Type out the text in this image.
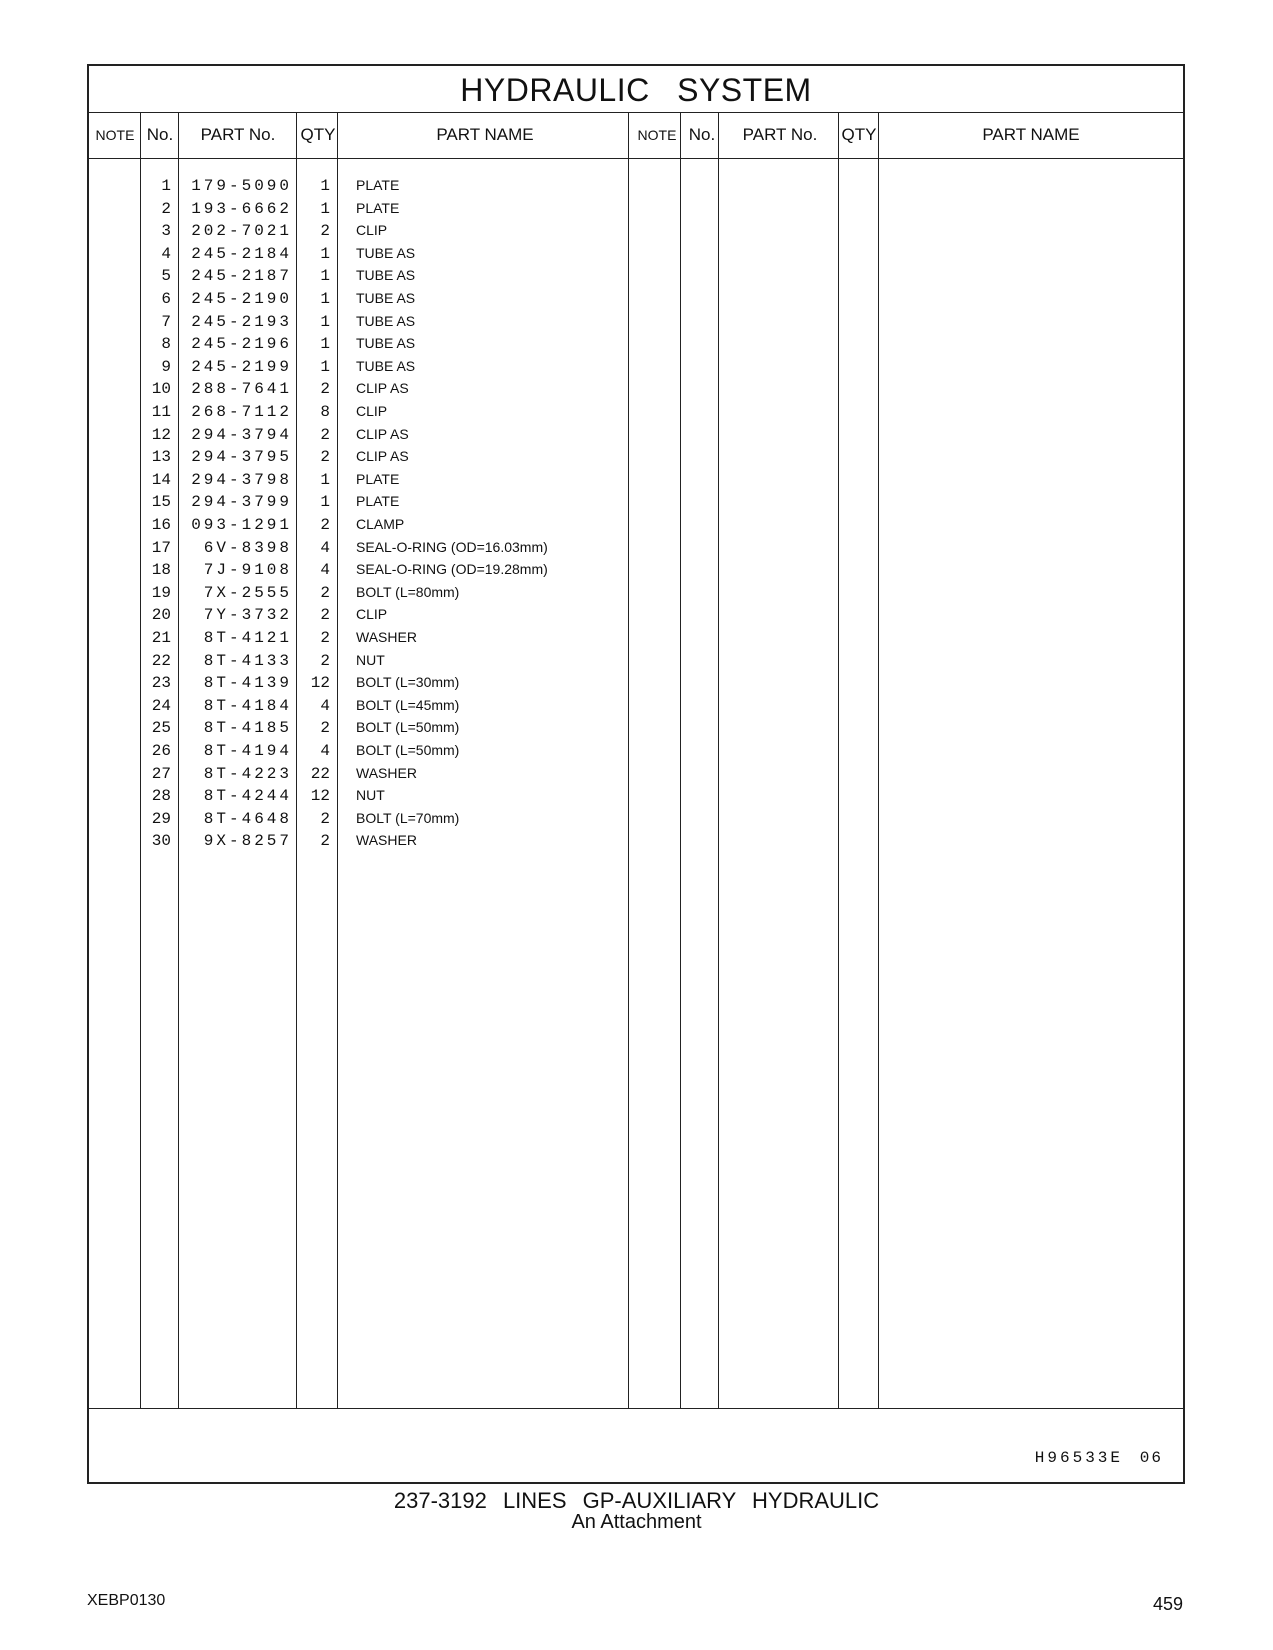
HYDRAULIC SYSTEM
NOTE No.	PART No.	QTY	PART NAME	NOTE No.	PART No.	QTY	PART NAME
1	179-5090	1 PLATE
2	193-6662	1 PLATE
3	202-7021	2 CLIP
4	245-2184	1 TUBE AS
5	245-2187	1 TUBE AS
6	245-2190	1 TUBE AS
7	245-2193	1 TUBE AS
8	245-2196	1 TUBE AS
9	245-2199	1 TUBE AS
10	288-7641	2 CLIP AS
11	268-7112	8 CLIP
12	294-3794	2 CLIP AS
13	294-3795	2 CLIP AS
14	294-3798	1 PLATE
15	294-3799	1 PLATE
16	093-1291	2 CLAMP
17	6V-8398	4 SEAL-O-RING (OD=16.03mm)
18	7J-9108	4 SEAL-O-RING (OD=19.28mm)
19	7X-2555	2 BOLT (L=80mm)
20	7Y-3732	2 CLIP
21	8T-4121	2 WASHER
22	8T-4133	2 NUT
23	8T-4139	12 BOLT (L=30mm)
24	8T-4184	4 BOLT (L=45mm)
25	8T-4185	2 BOLT (L=50mm)
26	8T-4194	4 BOLT (L=50mm)
27	8T-4223	22 WASHER
28	8T-4244	12 NUT
29	8T-4648	2 BOLT (L=70mm)
30	9X-8257	2 WASHER
H96533E 06
237-3192 LINES GP-AUXILIARY HYDRAULIC
An Attachment
XEBP0130	459
